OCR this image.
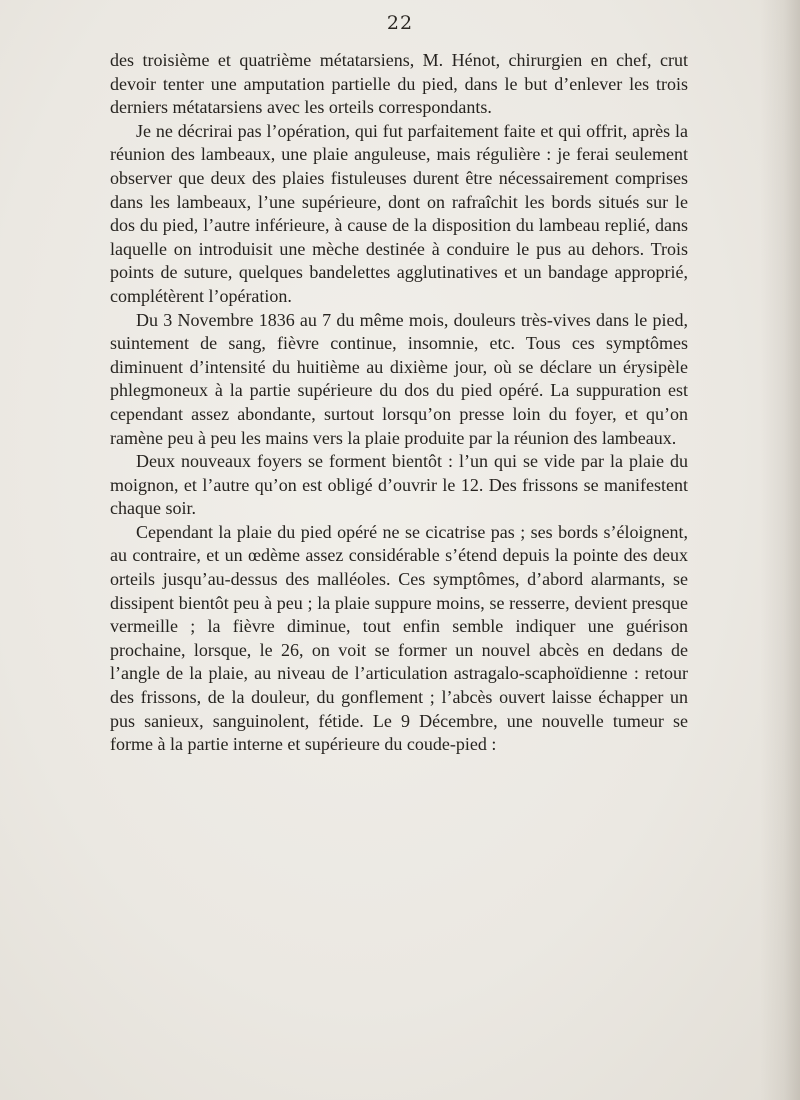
22

des troisième et quatrième métatarsiens, M. Hénot, chirurgien en chef, crut devoir tenter une amputation partielle du pied, dans le but d’enlever les trois derniers métatarsiens avec les orteils correspondants.

Je ne décrirai pas l’opération, qui fut parfaitement faite et qui offrit, après la réunion des lambeaux, une plaie anguleuse, mais régulière : je ferai seulement observer que deux des plaies fistuleuses durent être nécessairement comprises dans les lambeaux, l’une supérieure, dont on rafraîchit les bords situés sur le dos du pied, l’autre inférieure, à cause de la disposition du lambeau replié, dans laquelle on introduisit une mèche destinée à conduire le pus au dehors. Trois points de suture, quelques bandelettes agglutinatives et un bandage approprié, complétèrent l’opération.

Du 3 Novembre 1836 au 7 du même mois, douleurs très-vives dans le pied, suintement de sang, fièvre continue, insomnie, etc. Tous ces symptômes diminuent d’intensité du huitième au dixième jour, où se déclare un érysipèle phlegmoneux à la partie supérieure du dos du pied opéré. La suppuration est cependant assez abondante, surtout lorsqu’on presse loin du foyer, et qu’on ramène peu à peu les mains vers la plaie produite par la réunion des lambeaux.

Deux nouveaux foyers se forment bientôt : l’un qui se vide par la plaie du moignon, et l’autre qu’on est obligé d’ouvrir le 12. Des frissons se manifestent chaque soir.

Cependant la plaie du pied opéré ne se cicatrise pas ; ses bords s’éloignent, au contraire, et un œdème assez considérable s’étend depuis la pointe des deux orteils jusqu’au-dessus des malléoles. Ces symptômes, d’abord alarmants, se dissipent bientôt peu à peu ; la plaie suppure moins, se resserre, devient presque vermeille ; la fièvre diminue, tout enfin semble indiquer une guérison prochaine, lorsque, le 26, on voit se former un nouvel abcès en dedans de l’angle de la plaie, au niveau de l’articulation astragalo-scaphoïdienne : retour des frissons, de la douleur, du gonflement ; l’abcès ouvert laisse échapper un pus sanieux, sanguinolent, fétide. Le 9 Décembre, une nouvelle tumeur se forme à la partie interne et supérieure du coude-pied :
